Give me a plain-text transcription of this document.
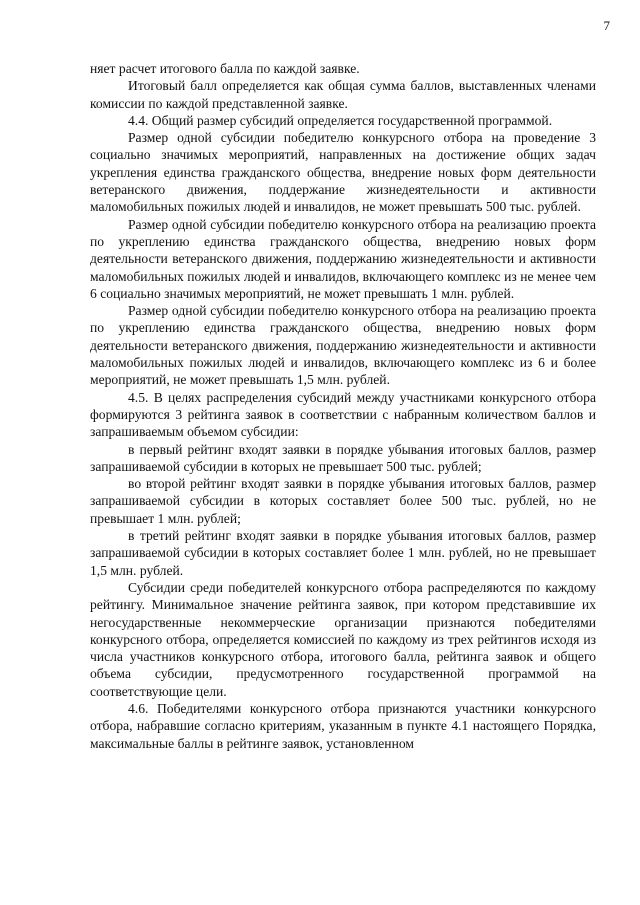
7

няет расчет итогового балла по каждой заявке.

Итоговый балл определяется как общая сумма баллов, выставленных членами комиссии по каждой представленной заявке.

4.4. Общий размер субсидий определяется государственной программой.

Размер одной субсидии победителю конкурсного отбора на проведение 3 социально значимых мероприятий, направленных на достижение общих задач укрепления единства гражданского общества, внедрение новых форм деятельности ветеранского движения, поддержание жизнедеятельности и активности маломобильных пожилых людей и инвалидов, не может превышать 500 тыс. рублей.

Размер одной субсидии победителю конкурсного отбора на реализацию проекта по укреплению единства гражданского общества, внедрению новых форм деятельности ветеранского движения, поддержанию жизнедеятельности и активности маломобильных пожилых людей и инвалидов, включающего комплекс из не менее чем 6 социально значимых мероприятий, не может превышать 1 млн. рублей.

Размер одной субсидии победителю конкурсного отбора на реализацию проекта по укреплению единства гражданского общества, внедрению новых форм деятельности ветеранского движения, поддержанию жизнедеятельности и активности маломобильных пожилых людей и инвалидов, включающего комплекс из 6 и более мероприятий, не может превышать 1,5 млн. рублей.

4.5. В целях распределения субсидий между участниками конкурсного отбора формируются 3 рейтинга заявок в соответствии с набранным количеством баллов и запрашиваемым объемом субсидии:

в первый рейтинг входят заявки в порядке убывания итоговых баллов, размер запрашиваемой субсидии в которых не превышает 500 тыс. рублей;

во второй рейтинг входят заявки в порядке убывания итоговых баллов, размер запрашиваемой субсидии в которых составляет более 500 тыс. рублей, но не превышает 1 млн. рублей;

в третий рейтинг входят заявки в порядке убывания итоговых баллов, размер запрашиваемой субсидии в которых составляет более 1 млн. рублей, но не превышает 1,5 млн. рублей.

Субсидии среди победителей конкурсного отбора распределяются по каждому рейтингу. Минимальное значение рейтинга заявок, при котором представившие их негосударственные некоммерческие организации признаются победителями конкурсного отбора, определяется комиссией по каждому из трех рейтингов исходя из числа участников конкурсного отбора, итогового балла, рейтинга заявок и общего объема субсидии, предусмотренного государственной программой на соответствующие цели.

4.6. Победителями конкурсного отбора признаются участники конкурсного отбора, набравшие согласно критериям, указанным в пункте 4.1 настоящего Порядка, максимальные баллы в рейтинге заявок, установленном
